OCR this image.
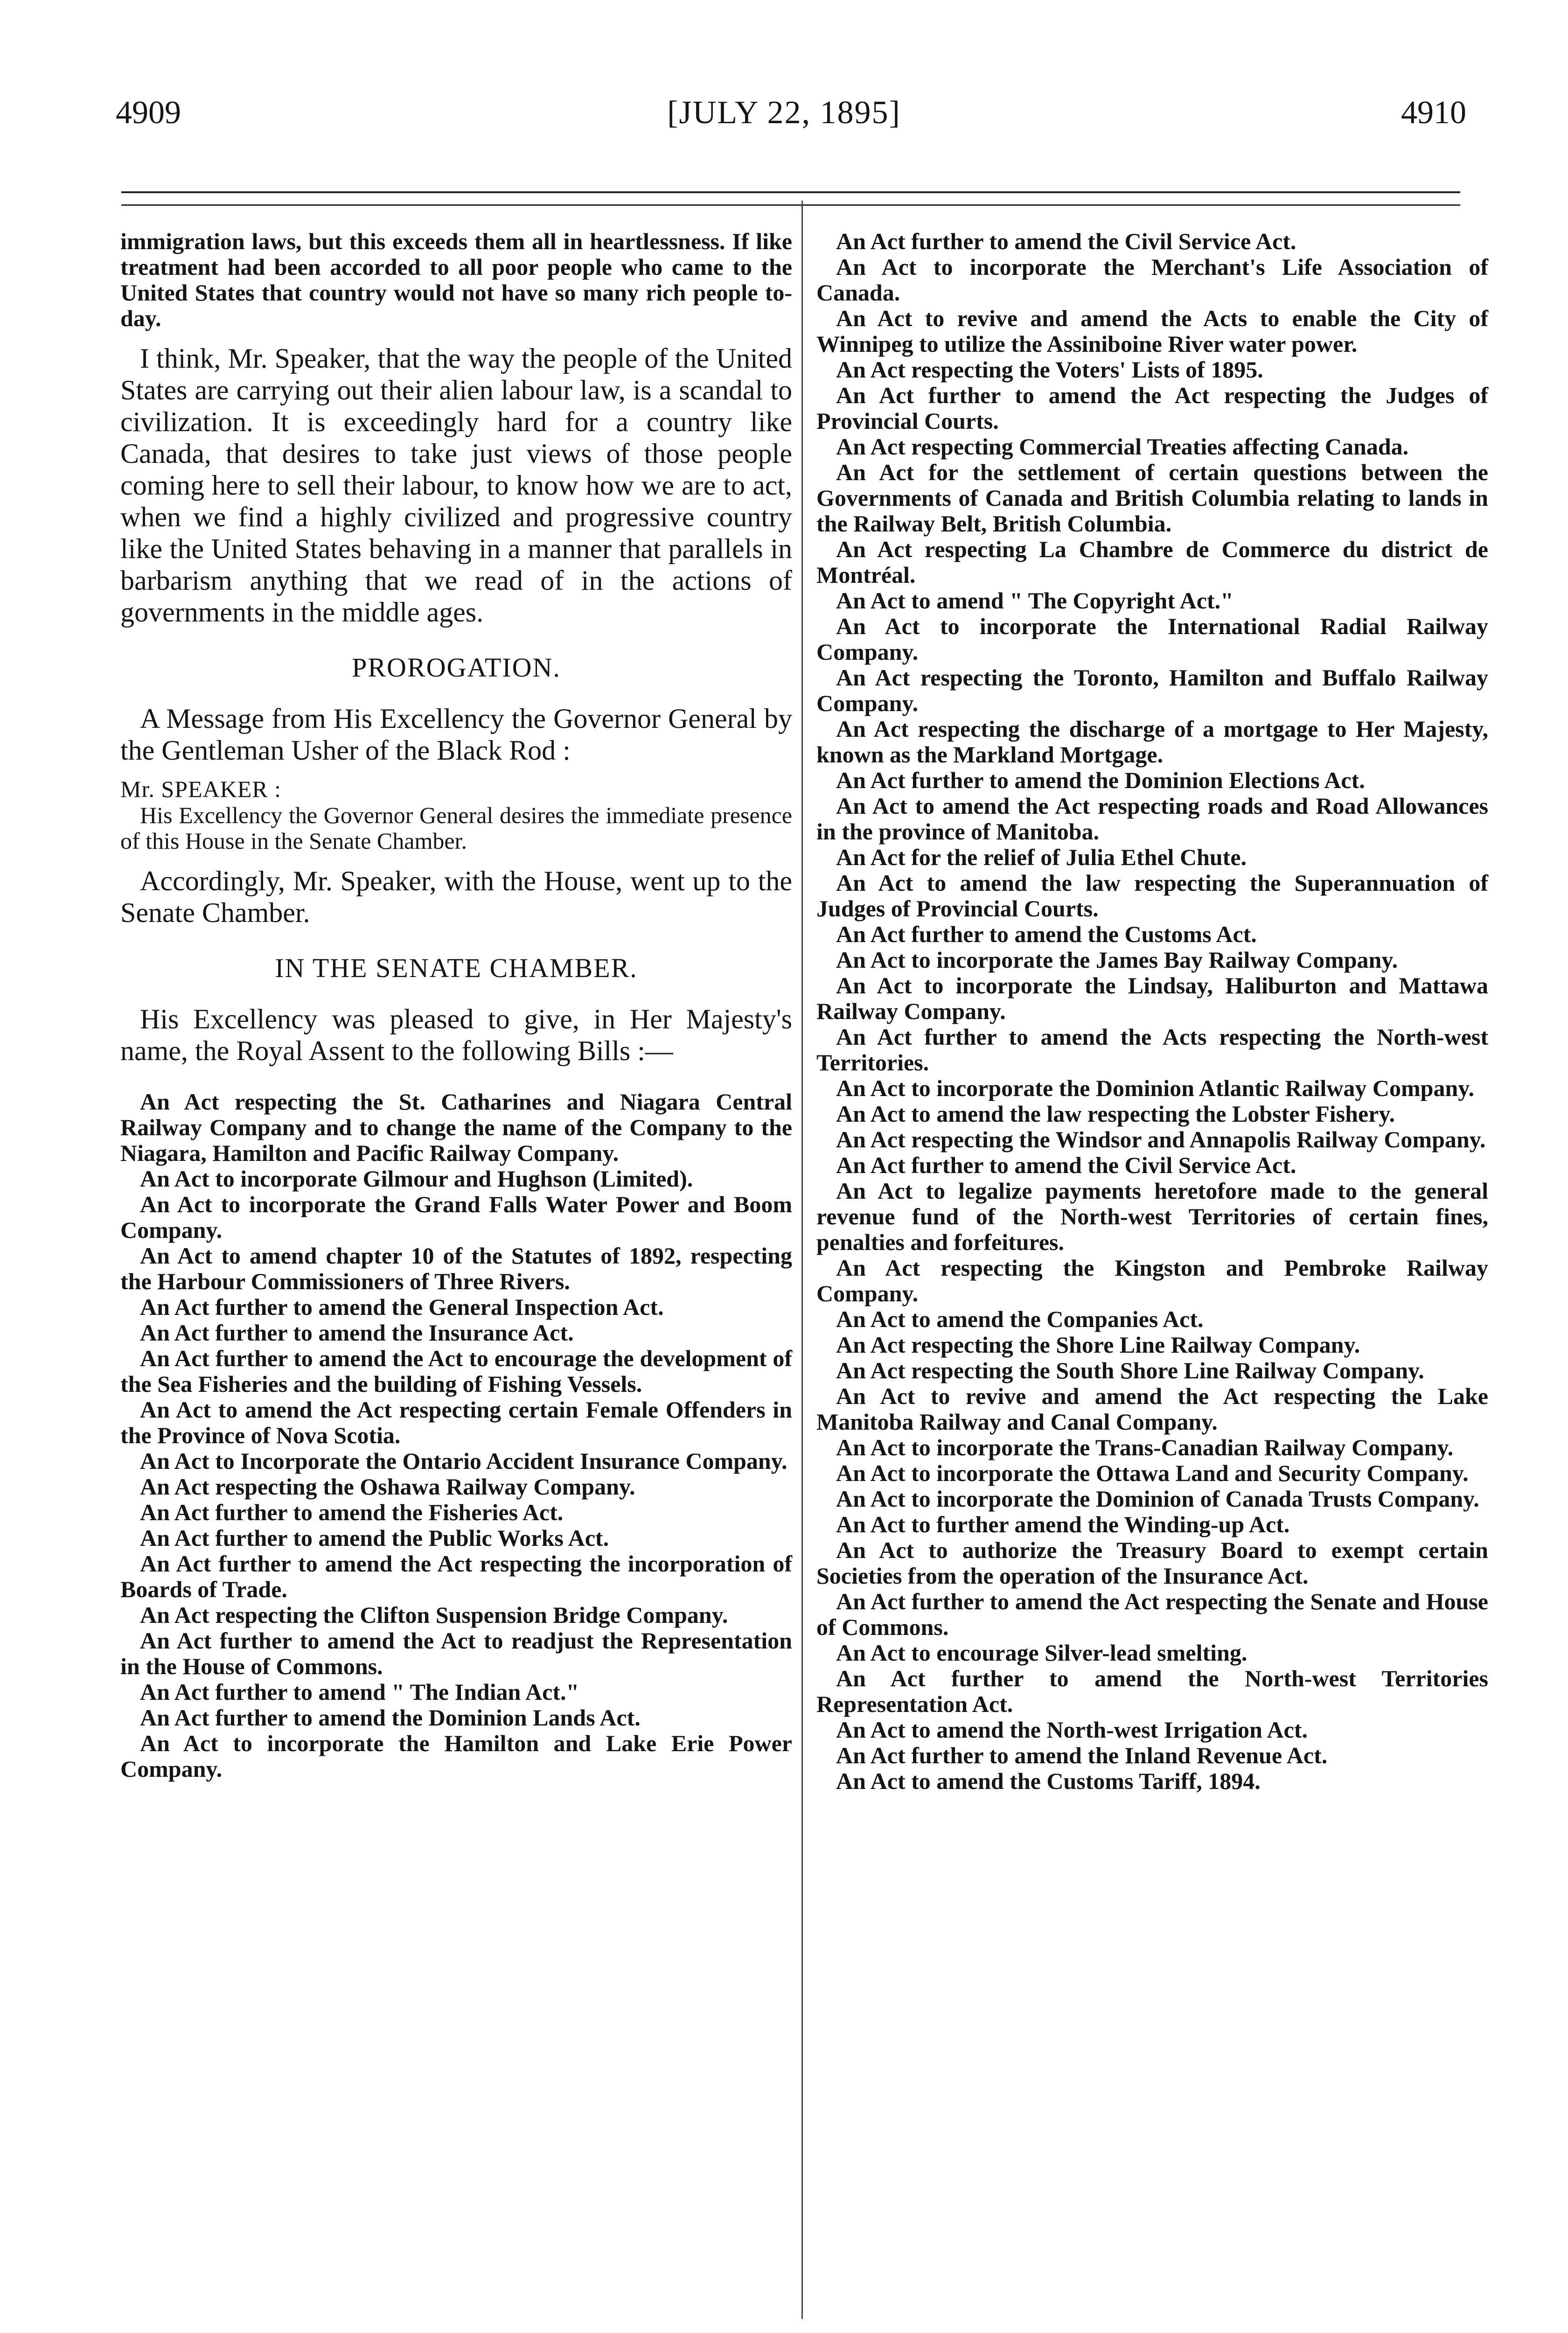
4909	[JULY 22, 1895]	4910

immigration laws, but this exceeds them all in heartlessness. If like treatment had been accorded to all poor people who came to the United States that country would not have so many rich people to-day.

I think, Mr. Speaker, that the way the people of the United States are carrying out their alien labour law, is a scandal to civilization. It is exceedingly hard for a country like Canada, that desires to take just views of those people coming here to sell their labour, to know how we are to act, when we find a highly civilized and progressive country like the United States behaving in a manner that parallels in barbarism anything that we read of in the actions of governments in the middle ages.

PROROGATION.

A Message from His Excellency the Governor General by the Gentleman Usher of the Black Rod :

Mr. SPEAKER :

His Excellency the Governor General desires the immediate presence of this House in the Senate Chamber.

Accordingly, Mr. Speaker, with the House, went up to the Senate Chamber.

IN THE SENATE CHAMBER.

His Excellency was pleased to give, in Her Majesty's name, the Royal Assent to the following Bills :—

An Act respecting the St. Catharines and Niagara Central Railway Company and to change the name of the Company to the Niagara, Hamilton and Pacific Railway Company.

An Act to incorporate Gilmour and Hughson (Limited).

An Act to incorporate the Grand Falls Water Power and Boom Company.

An Act to amend chapter 10 of the Statutes of 1892, respecting the Harbour Commissioners of Three Rivers.

An Act further to amend the General Inspection Act.

An Act further to amend the Insurance Act.

An Act further to amend the Act to encourage the development of the Sea Fisheries and the building of Fishing Vessels.

An Act to amend the Act respecting certain Female Offenders in the Province of Nova Scotia.

An Act to Incorporate the Ontario Accident Insurance Company.

An Act respecting the Oshawa Railway Company.

An Act further to amend the Fisheries Act.

An Act further to amend the Public Works Act.

An Act further to amend the Act respecting the incorporation of Boards of Trade.

An Act respecting the Clifton Suspension Bridge Company.

An Act further to amend the Act to readjust the Representation in the House of Commons.

An Act further to amend " The Indian Act."

An Act further to amend the Dominion Lands Act.

An Act to incorporate the Hamilton and Lake Erie Power Company.

An Act further to amend the Civil Service Act.

An Act to incorporate the Merchant's Life Association of Canada.

An Act to revive and amend the Acts to enable the City of Winnipeg to utilize the Assiniboine River water power.

An Act respecting the Voters' Lists of 1895.

An Act further to amend the Act respecting the Judges of Provincial Courts.

An Act respecting Commercial Treaties affecting Canada.

An Act for the settlement of certain questions between the Governments of Canada and British Columbia relating to lands in the Railway Belt, British Columbia.

An Act respecting La Chambre de Commerce du district de Montréal.

An Act to amend " The Copyright Act."

An Act to incorporate the International Radial Railway Company.

An Act respecting the Toronto, Hamilton and Buffalo Railway Company.

An Act respecting the discharge of a mortgage to Her Majesty, known as the Markland Mortgage.

An Act further to amend the Dominion Elections Act.

An Act to amend the Act respecting roads and Road Allowances in the province of Manitoba.

An Act for the relief of Julia Ethel Chute.

An Act to amend the law respecting the Superannuation of Judges of Provincial Courts.

An Act further to amend the Customs Act.

An Act to incorporate the James Bay Railway Company.

An Act to incorporate the Lindsay, Haliburton and Mattawa Railway Company.

An Act further to amend the Acts respecting the North-west Territories.

An Act to incorporate the Dominion Atlantic Railway Company.

An Act to amend the law respecting the Lobster Fishery.

An Act respecting the Windsor and Annapolis Railway Company.

An Act further to amend the Civil Service Act.

An Act to legalize payments heretofore made to the general revenue fund of the North-west Territories of certain fines, penalties and forfeitures.

An Act respecting the Kingston and Pembroke Railway Company.

An Act to amend the Companies Act.

An Act respecting the Shore Line Railway Company.

An Act respecting the South Shore Line Railway Company.

An Act to revive and amend the Act respecting the Lake Manitoba Railway and Canal Company.

An Act to incorporate the Trans-Canadian Railway Company.

An Act to incorporate the Ottawa Land and Security Company.

An Act to incorporate the Dominion of Canada Trusts Company.

An Act to further amend the Winding-up Act.

An Act to authorize the Treasury Board to exempt certain Societies from the operation of the Insurance Act.

An Act further to amend the Act respecting the Senate and House of Commons.

An Act to encourage Silver-lead smelting.

An Act further to amend the North-west Territories Representation Act.

An Act to amend the North-west Irrigation Act.

An Act further to amend the Inland Revenue Act.

An Act to amend the Customs Tariff, 1894.
